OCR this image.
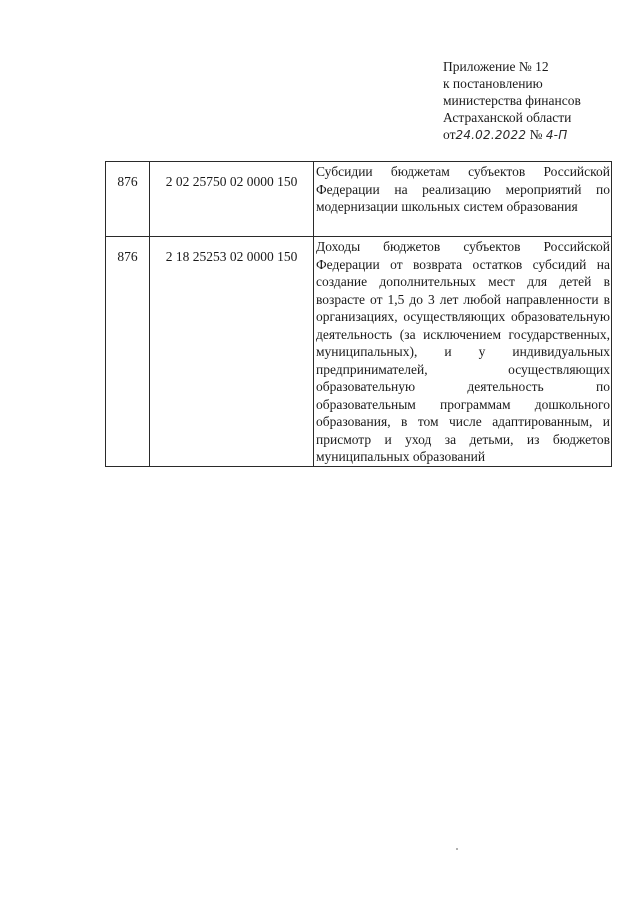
Приложение № 12
к постановлению
министерства финансов
Астраханской области
от24.02.2022 № 4-П
876	2 02 25750 02 0000 150	Субсидии бюджетам субъектов Российской Федерации на реализацию мероприятий по модернизации школьных систем образования

876	2 18 25253 02 0000 150	Доходы бюджетов субъектов Российской Федерации от возврата остатков субсидий на создание дополнительных мест для детей в возрасте от 1,5 до 3 лет любой направленности в организациях, осуществляющих образовательную деятельность (за исключением государственных, муниципальных), и у индивидуальных предпринимателей, осуществляющих образовательную деятельность по образовательным программам дошкольного образования, в том числе адаптированным, и присмотр и уход за детьми, из бюджетов муниципальных образований
